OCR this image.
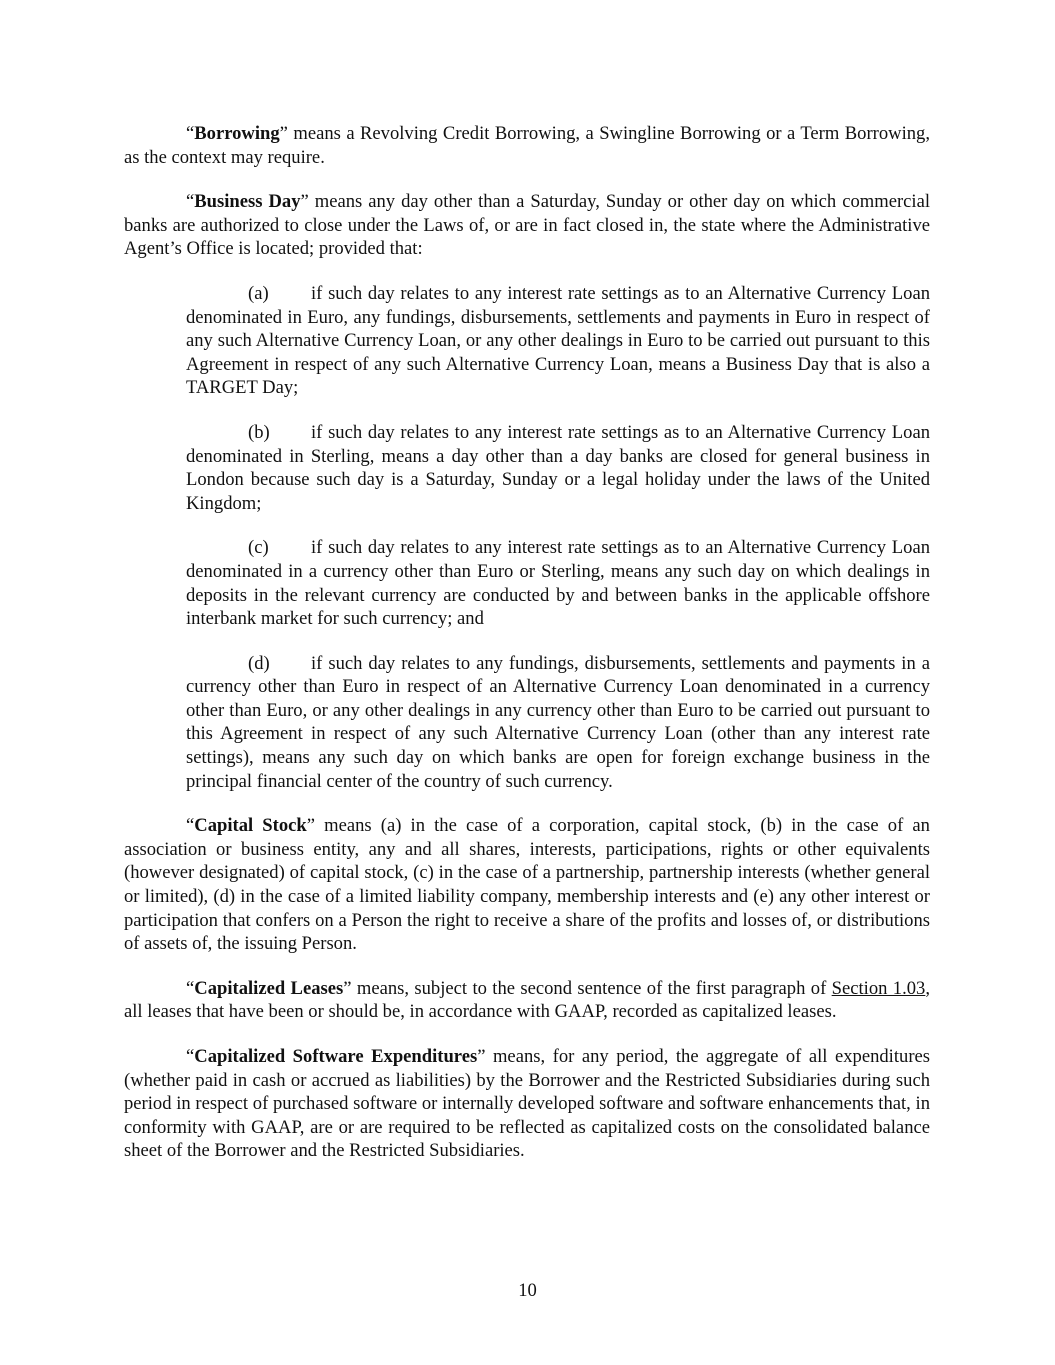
“Borrowing” means a Revolving Credit Borrowing, a Swingline Borrowing or a Term Borrowing, as the context may require.

“Business Day” means any day other than a Saturday, Sunday or other day on which commercial banks are authorized to close under the Laws of, or are in fact closed in, the state where the Administrative Agent’s Office is located; provided that:

(a) if such day relates to any interest rate settings as to an Alternative Currency Loan denominated in Euro, any fundings, disbursements, settlements and payments in Euro in respect of any such Alternative Currency Loan, or any other dealings in Euro to be carried out pursuant to this Agreement in respect of any such Alternative Currency Loan, means a Business Day that is also a TARGET Day;

(b) if such day relates to any interest rate settings as to an Alternative Currency Loan denominated in Sterling, means a day other than a day banks are closed for general business in London because such day is a Saturday, Sunday or a legal holiday under the laws of the United Kingdom;

(c) if such day relates to any interest rate settings as to an Alternative Currency Loan denominated in a currency other than Euro or Sterling, means any such day on which dealings in deposits in the relevant currency are conducted by and between banks in the applicable offshore interbank market for such currency; and

(d) if such day relates to any fundings, disbursements, settlements and payments in a currency other than Euro in respect of an Alternative Currency Loan denominated in a currency other than Euro, or any other dealings in any currency other than Euro to be carried out pursuant to this Agreement in respect of any such Alternative Currency Loan (other than any interest rate settings), means any such day on which banks are open for foreign exchange business in the principal financial center of the country of such currency.

“Capital Stock” means (a) in the case of a corporation, capital stock, (b) in the case of an association or business entity, any and all shares, interests, participations, rights or other equivalents (however designated) of capital stock, (c) in the case of a partnership, partnership interests (whether general or limited), (d) in the case of a limited liability company, membership interests and (e) any other interest or participation that confers on a Person the right to receive a share of the profits and losses of, or distributions of assets of, the issuing Person.

“Capitalized Leases” means, subject to the second sentence of the first paragraph of Section 1.03, all leases that have been or should be, in accordance with GAAP, recorded as capitalized leases.

“Capitalized Software Expenditures” means, for any period, the aggregate of all expenditures (whether paid in cash or accrued as liabilities) by the Borrower and the Restricted Subsidiaries during such period in respect of purchased software or internally developed software and software enhancements that, in conformity with GAAP, are or are required to be reflected as capitalized costs on the consolidated balance sheet of the Borrower and the Restricted Subsidiaries.

10
